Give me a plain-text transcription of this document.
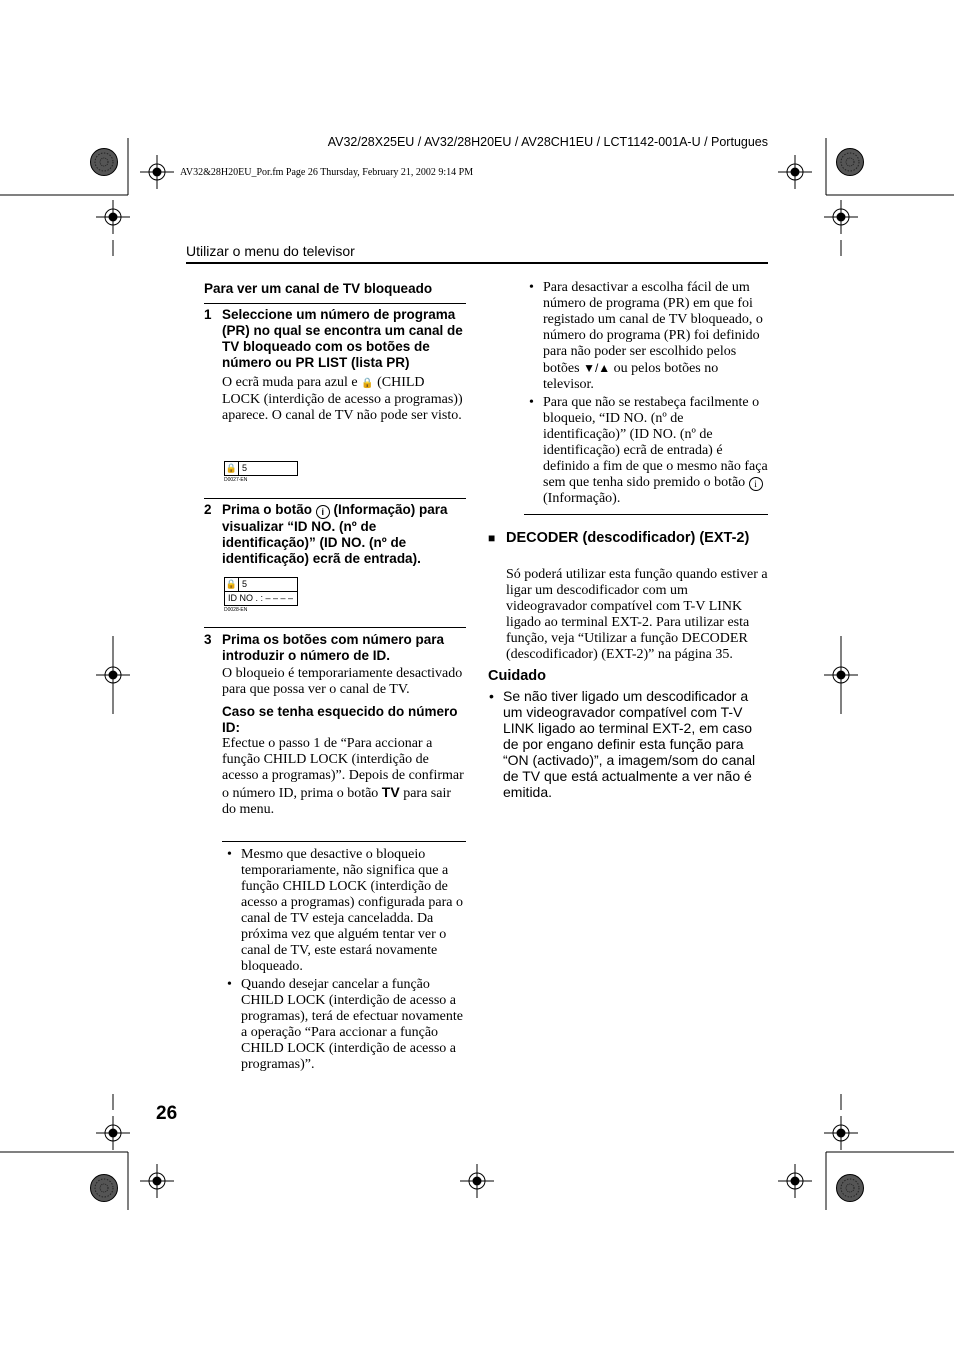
AV32/28X25EU / AV32/28H20EU / AV28CH1EU / LCT1142-001A-U / Portugues
AV32&28H20EU_Por.fm Page 26 Thursday, February 21, 2002 9:14 PM
Utilizar o menu do televisor
Para ver um canal de TV bloqueado
1 Seleccione um número de programa (PR) no qual se encontra um canal de TV bloqueado com os botões de número ou PR LIST (lista PR)
O ecrã muda para azul e 🔒 (CHILD LOCK (interdição de acesso a programas)) aparece. O canal de TV não pode ser visto.
🔒 5
D0027-EN
2 Prima o botão i (Informação) para visualizar “ID NO. (nº de identificação)” (ID NO. (nº de identificação) ecrã de entrada).
🔒 5
ID NO . : – – – –
D0028-EN
3 Prima os botões com número para introduzir o número de ID.
O bloqueio é temporariamente desactivado para que possa ver o canal de TV.
Caso se tenha esquecido do número ID:
Efectue o passo 1 de “Para accionar a função CHILD LOCK (interdição de acesso a programas)”. Depois de confirmar o número ID, prima o botão TV para sair do menu.
• Mesmo que desactive o bloqueio temporariamente, não significa que a função CHILD LOCK (interdição de acesso a programas) configurada para o canal de TV esteja canceladda. Da próxima vez que alguém tentar ver o canal de TV, este estará novamente bloqueado.
• Quando desejar cancelar a função CHILD LOCK (interdição de acesso a programas), terá de efectuar novamente a operação “Para accionar a função CHILD LOCK (interdição de acesso a programas)”.
• Para desactivar a escolha fácil de um número de programa (PR) em que foi registado um canal de TV bloqueado, o número do programa (PR) foi definido para não poder ser escolhido pelos botões ▼/▲ ou pelos botões no televisor.
• Para que não se restabeça facilmente o bloqueio, “ID NO. (nº de identificação)” (ID NO. (nº de identificação) ecrã de entrada) é definido a fim de que o mesmo não faça sem que tenha sido premido o botão i (Informação).
■ DECODER (descodificador) (EXT-2)
Só poderá utilizar esta função quando estiver a ligar um descodificador com um videogravador compatível com T-V LINK ligado ao terminal EXT-2. Para utilizar esta função, veja “Utilizar a função DECODER (descodificador) (EXT-2)” na página 35.
Cuidado
• Se não tiver ligado um descodificador a um videogravador compatível com T-V LINK ligado ao terminal EXT-2, em caso de por engano definir esta função para “ON (activado)”, a imagem/som do canal de TV que está actualmente a ver não é emitida.
26
